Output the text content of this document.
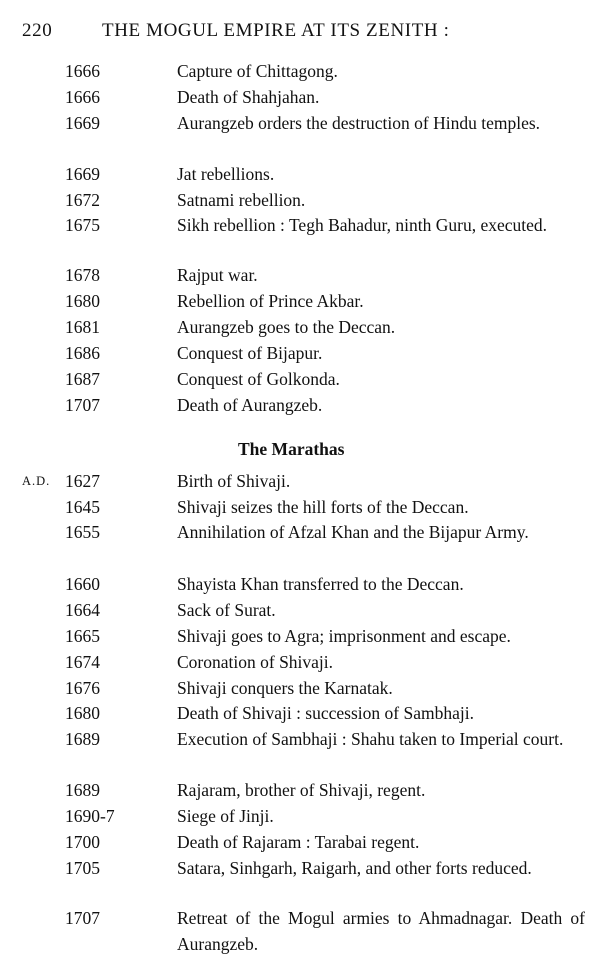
220	THE MOGUL EMPIRE AT ITS ZENITH :
1666	Capture of Chittagong.
1666	Death of Shahjahan.
1669	Aurangzeb orders the destruction of Hindu temples.
1669	Jat rebellions.
1672	Satnami rebellion.
1675	Sikh rebellion : Tegh Bahadur, ninth Guru, executed.
1678	Rajput war.
1680	Rebellion of Prince Akbar.
1681	Aurangzeb goes to the Deccan.
1686	Conquest of Bijapur.
1687	Conquest of Golkonda.
1707	Death of Aurangzeb.
The Marathas
A.D. 1627	Birth of Shivaji.
1645	Shivaji seizes the hill forts of the Deccan.
1655	Annihilation of Afzal Khan and the Bijapur Army.
1660	Shayista Khan transferred to the Deccan.
1664	Sack of Surat.
1665	Shivaji goes to Agra; imprisonment and escape.
1674	Coronation of Shivaji.
1676	Shivaji conquers the Karnatak.
1680	Death of Shivaji : succession of Sambhaji.
1689	Execution of Sambhaji : Shahu taken to Imperial court.
1689	Rajaram, brother of Shivaji, regent.
1690-7	Siege of Jinji.
1700	Death of Rajaram : Tarabai regent.
1705	Satara, Sinhgarh, Raigarh, and other forts reduced.
1707	Retreat of the Mogul armies to Ahmadnagar. Death of Aurangzeb.
